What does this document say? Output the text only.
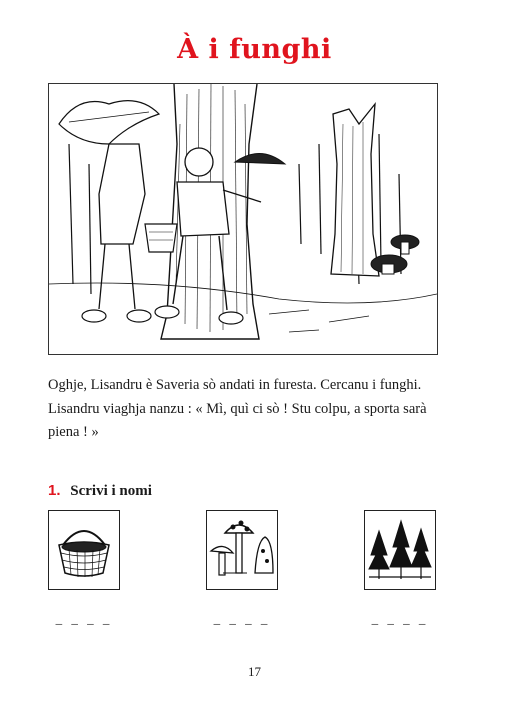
À i funghi
Oghje, Lisandru è Saveria sò andati in furesta. Cercanu i funghi. Lisandru viaghja nanzu : « Mì, quì ci sò ! Stu colpu, a sporta sarà piena ! »
1. Scrivi i nomi
_ _ _ _	_ _ _ _	_ _ _ _
17
